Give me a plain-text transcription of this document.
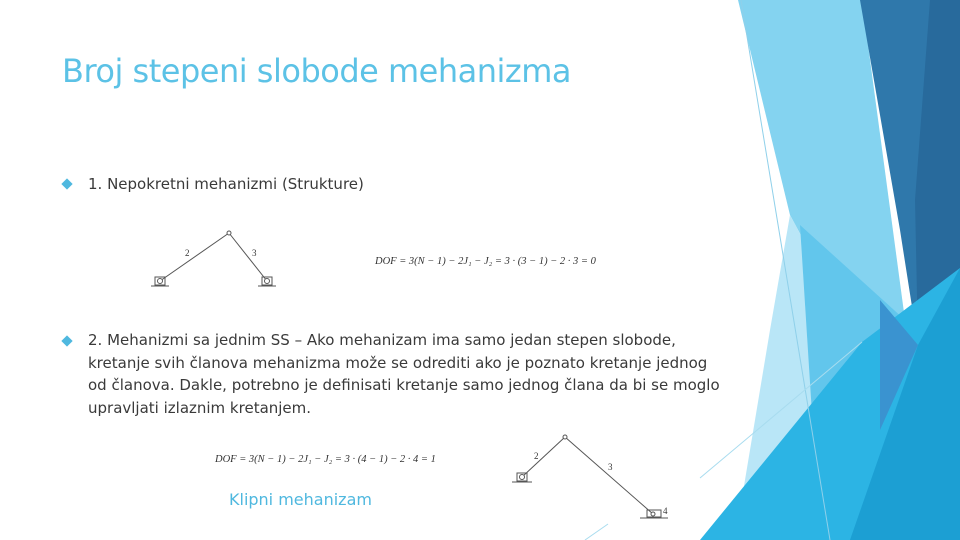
Broj stepeni slobode mehanizma
1. Nepokretni mehanizmi (Strukture)
2	3
DOF = 3(N − 1) − 2J₁ − J₂ = 3 · (3 − 1) − 2 · 3 = 0
2. Mehanizmi sa jednim SS – Ako mehanizam ima samo jedan stepen slobode, kretanje svih članova mehanizma može se odrediti ako je poznato kretanje jednog od članova. Dakle, potrebno je definisati kretanje samo jednog člana da bi se moglo upravljati izlaznim kretanjem.
DOF = 3(N − 1) − 2J₁ − J₂ = 3 · (4 − 1) − 2 · 4 = 1
Klipni mehanizam
2
3
4
